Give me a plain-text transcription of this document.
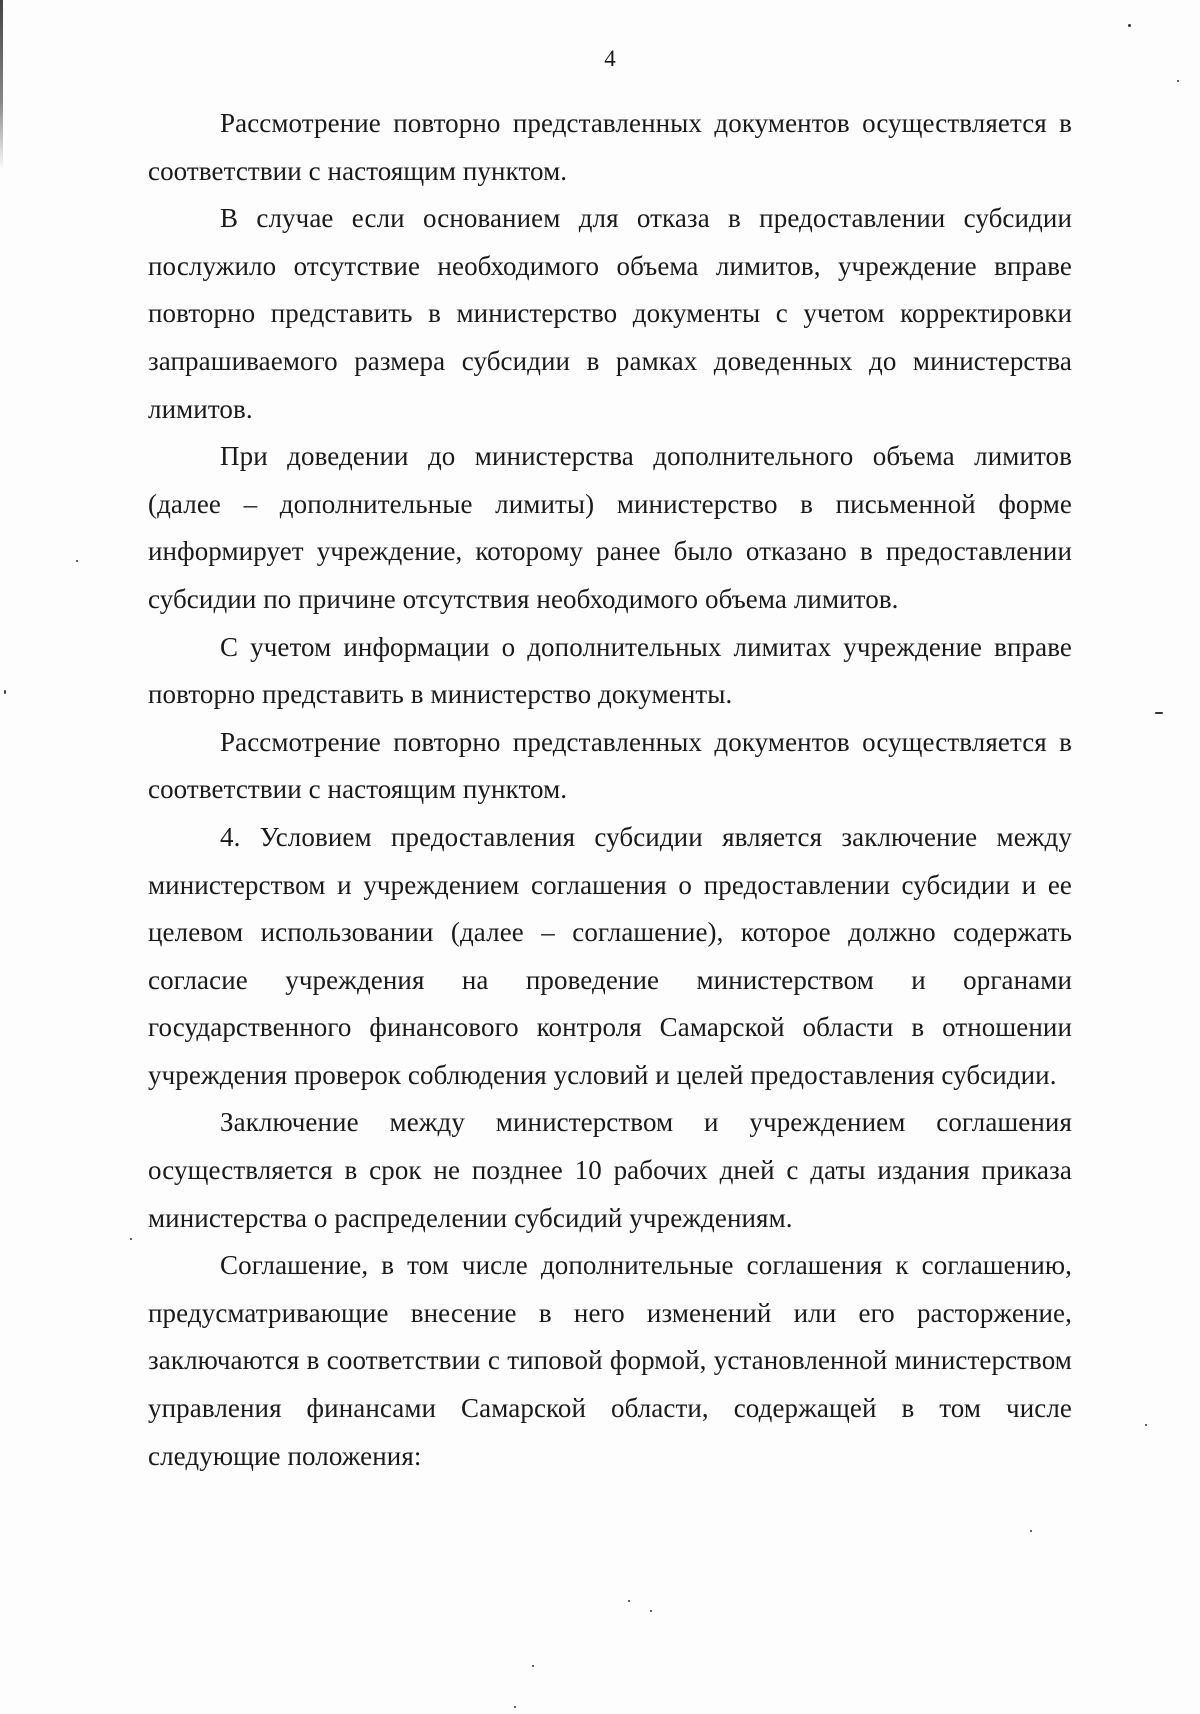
4

Рассмотрение повторно представленных документов осуществляется в соответствии с настоящим пунктом.

В случае если основанием для отказа в предоставлении субсидии послужило отсутствие необходимого объема лимитов, учреждение вправе повторно представить в министерство документы с учетом корректировки запрашиваемого размера субсидии в рамках доведенных до министерства лимитов.

При доведении до министерства дополнительного объема лимитов (далее – дополнительные лимиты) министерство в письменной форме информирует учреждение, которому ранее было отказано в предоставлении субсидии по причине отсутствия необходимого объема лимитов.

С учетом информации о дополнительных лимитах учреждение вправе повторно представить в министерство документы.

Рассмотрение повторно представленных документов осуществляется в соответствии с настоящим пунктом.

4. Условием предоставления субсидии является заключение между министерством и учреждением соглашения о предоставлении субсидии и ее целевом использовании (далее – соглашение), которое должно содержать согласие учреждения на проведение министерством и органами государственного финансового контроля Самарской области в отношении учреждения проверок соблюдения условий и целей предоставления субсидии.

Заключение между министерством и учреждением соглашения осуществляется в срок не позднее 10 рабочих дней с даты издания приказа министерства о распределении субсидий учреждениям.

Соглашение, в том числе дополнительные соглашения к соглашению, предусматривающие внесение в него изменений или его расторжение, заключаются в соответствии с типовой формой, установленной министерством управления финансами Самарской области, содержащей в том числе следующие положения:
